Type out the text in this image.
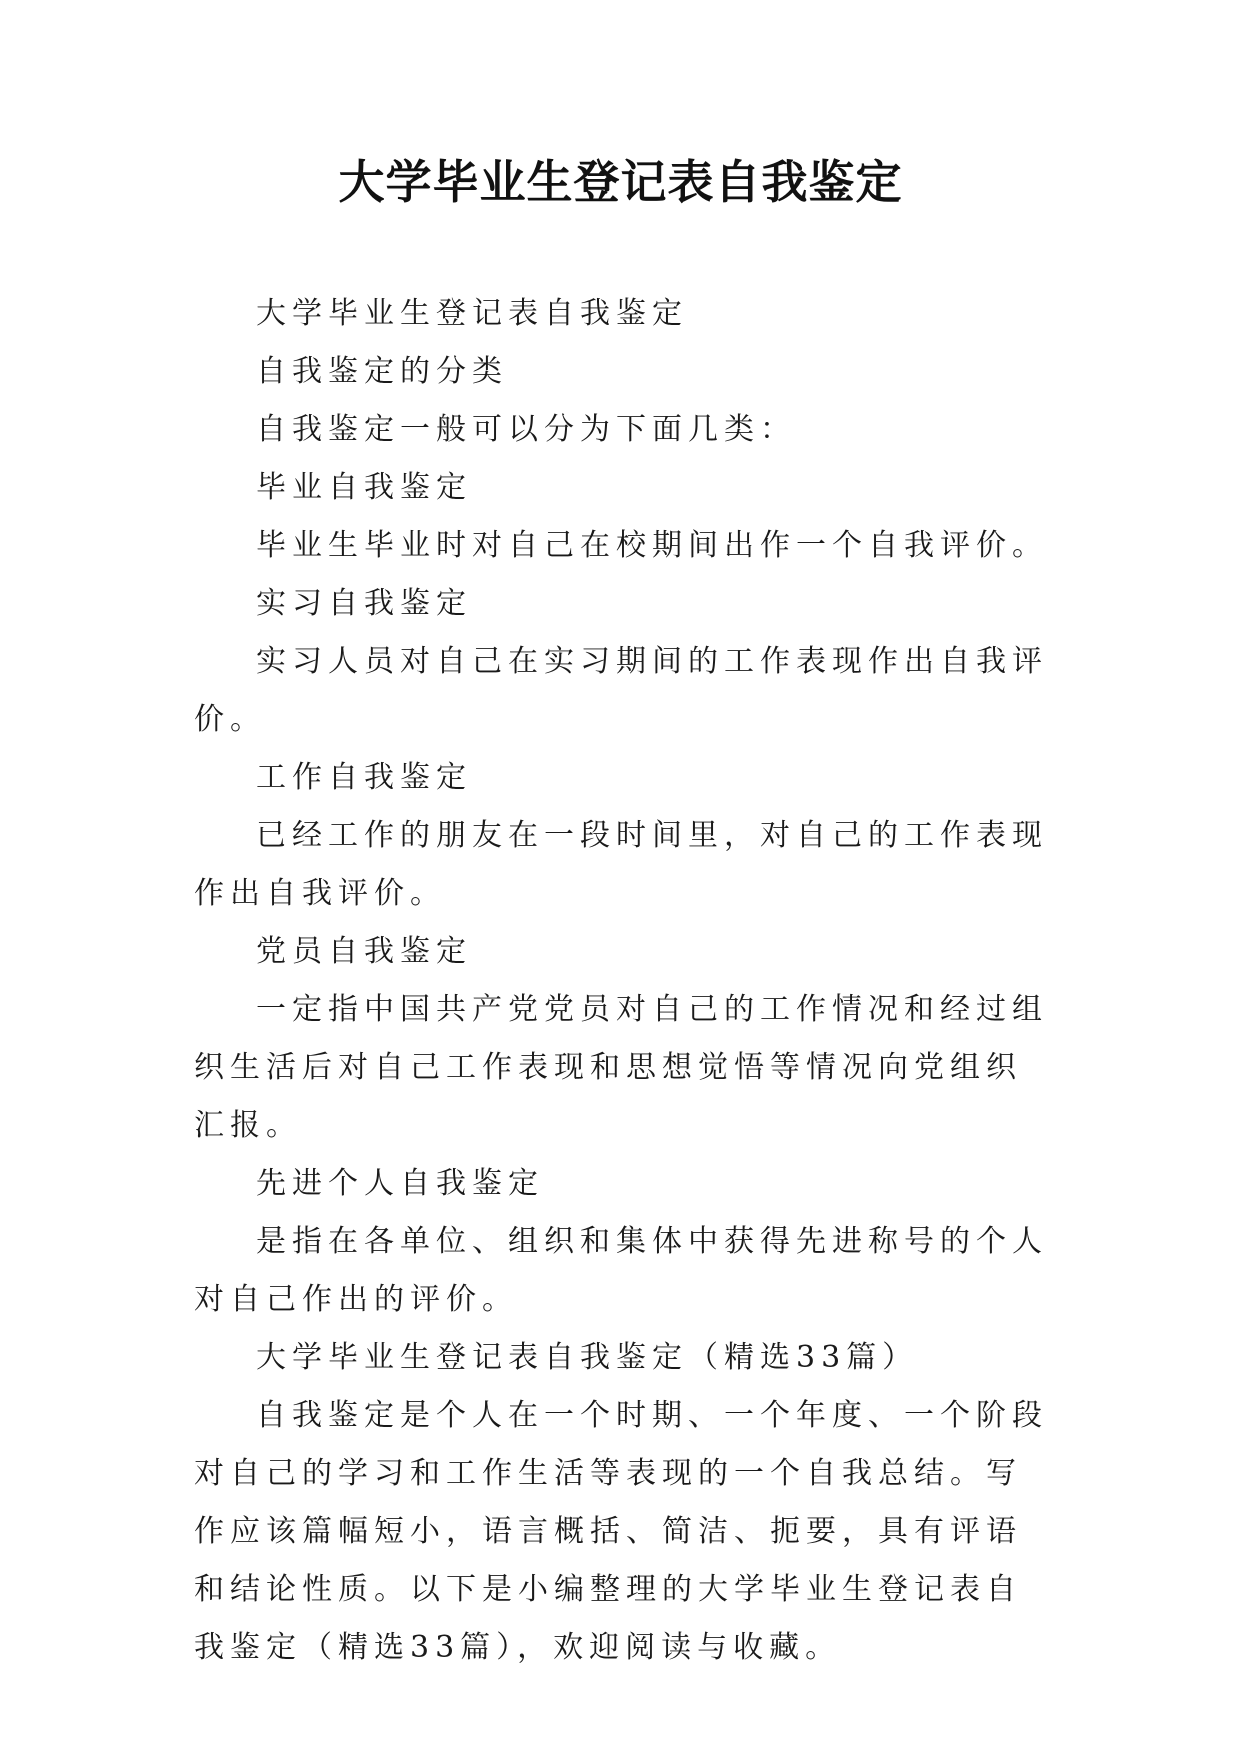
大学毕业生登记表自我鉴定

大学毕业生登记表自我鉴定

自我鉴定的分类

自我鉴定一般可以分为下面几类：

毕业自我鉴定

毕业生毕业时对自己在校期间出作一个自我评价。

实习自我鉴定

实习人员对自己在实习期间的工作表现作出自我评价。

工作自我鉴定

已经工作的朋友在一段时间里，对自己的工作表现作出自我评价。

党员自我鉴定

一定指中国共产党党员对自己的工作情况和经过组织生活后对自己工作表现和思想觉悟等情况向党组织汇报。

先进个人自我鉴定

是指在各单位、组织和集体中获得先进称号的个人对自己作出的评价。

大学毕业生登记表自我鉴定（精选33篇）

自我鉴定是个人在一个时期、一个年度、一个阶段对自己的学习和工作生活等表现的一个自我总结。写作应该篇幅短小，语言概括、简洁、扼要，具有评语和结论性质。以下是小编整理的大学毕业生登记表自我鉴定（精选33篇），欢迎阅读与收藏。
